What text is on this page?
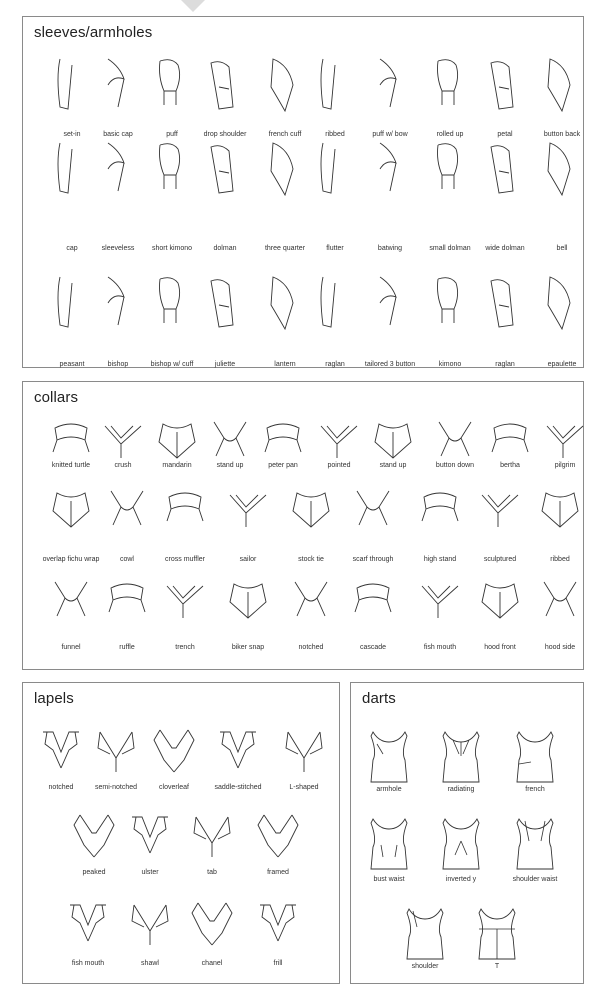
sleeves/armholes
set-in	basic cap	puff	drop shoulder	french cuff	ribbed	puff w/ bow	rolled up	petal	button back
cap	sleeveless	short kimono	dolman	three quarter	flutter	batwing	small dolman	wide dolman	bell
peasant	bishop	bishop w/ cuff	juliette	lantern	raglan	tailored 3 button	kimono	raglan	epaulette
collars
knitted turtle	crush	mandarin	stand up	peter pan	pointed	stand up	button down	bertha	pilgrim
overlap fichu wrap	cowl	cross muffler	sailor	stock tie	scarf through	high stand	sculptured	ribbed
funnel	ruffle	trench	biker snap	notched	cascade	fish mouth	hood front	hood side
lapels
notched	semi-notched	cloverleaf	saddle-stitched	L-shaped
peaked	ulster	tab	framed
fish mouth	shawl	chanel	frill
darts
armhole	radiating	french
bust waist	inverted y	shoulder waist
shoulder	T
